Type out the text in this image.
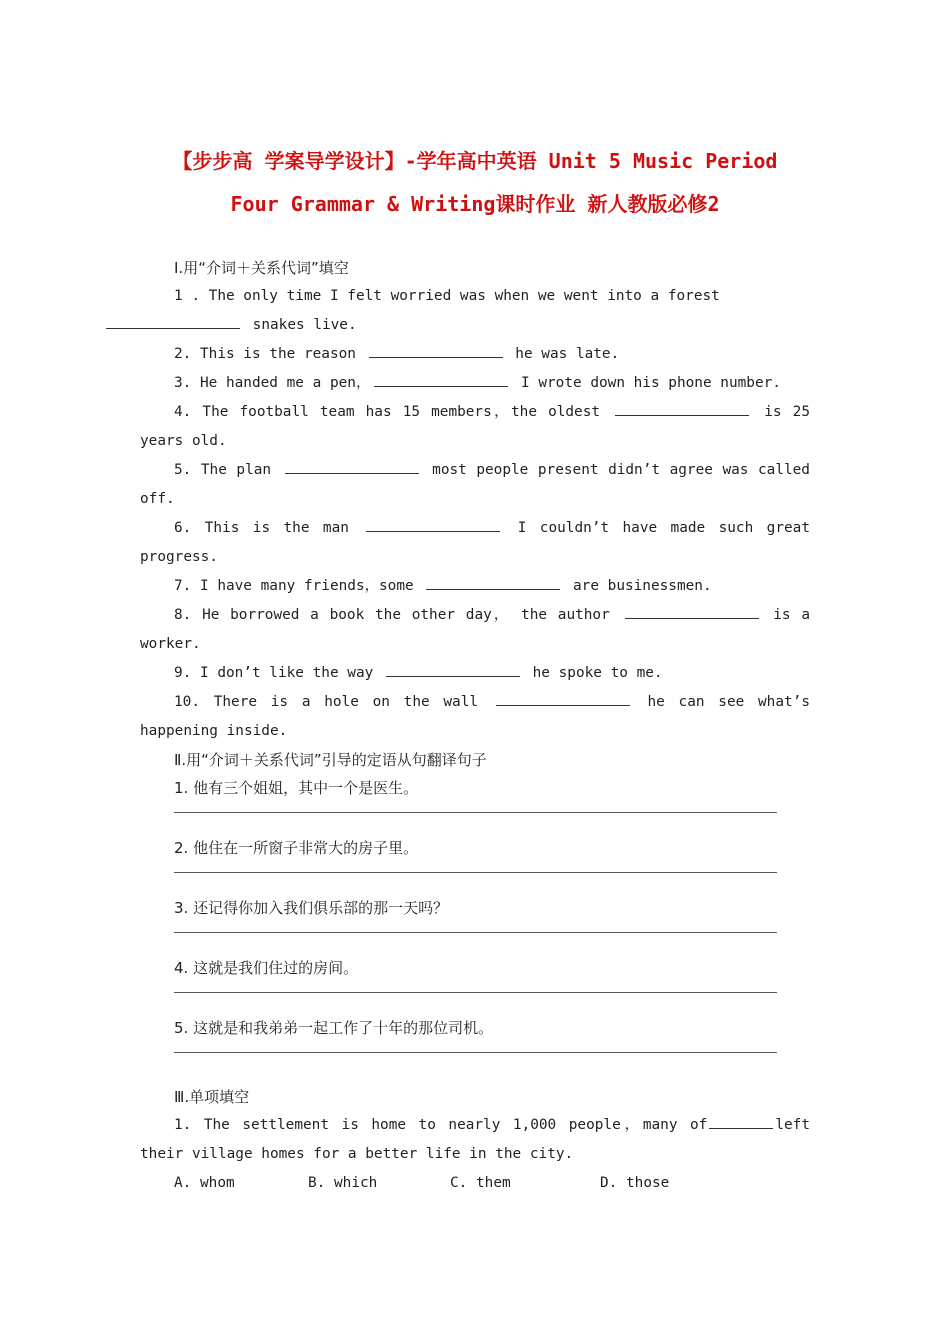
【步步高 学案导学设计】-学年高中英语 Unit 5 Music Period
Four Grammar & Writing课时作业 新人教版必修2

Ⅰ.用“介词＋关系代词”填空

1 . The only time I felt worried was when we went into a forest
snakes live.

2. This is the reason	he was late.

3. He handed me a pen，	I wrote down his phone number.

4. The football team has 15 members，the oldest	is 25 years old.

5. The plan	most people present didn’t agree was called off.

6. This is the man	I couldn’t have made such great progress.

7. I have many friends，some	are businessmen.

8. He borrowed a book the other day， the author	is a worker.

9. I don’t like the way	he spoke to me.

10. There is a hole on the wall	he can see what’s happening inside.

Ⅱ.用“介词＋关系代词”引导的定语从句翻译句子

1. 他有三个姐姐，其中一个是医生。

2. 他住在一所窗子非常大的房子里。

3. 还记得你加入我们俱乐部的那一天吗？

4. 这就是我们住过的房间。

5. 这就是和我弟弟一起工作了十年的那位司机。

Ⅲ.单项填空

1. The settlement is home to nearly 1,000 people，many of	left their village homes for a better life in the city.

A. whom	B. which	C. them	D. those
